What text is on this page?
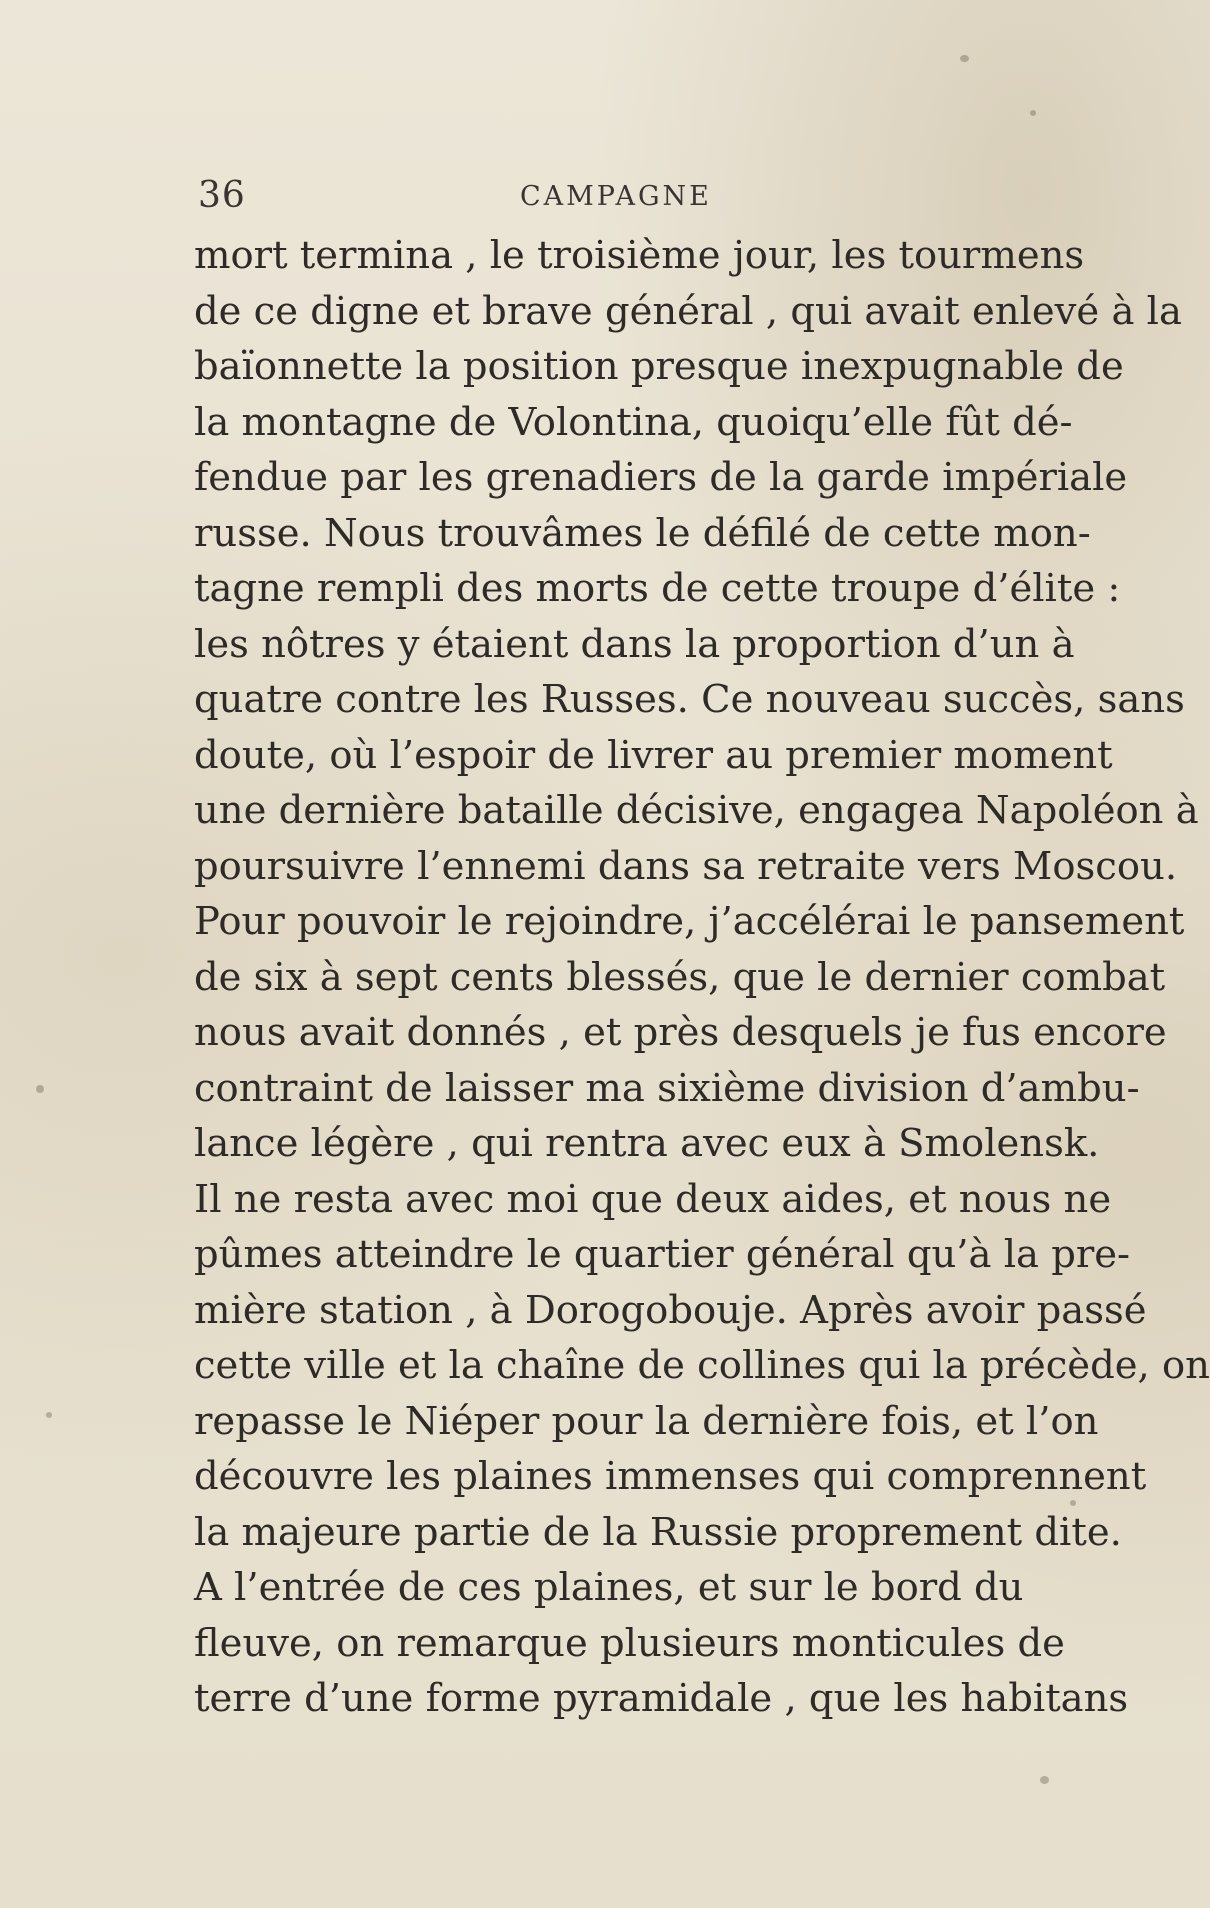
36	CAMPAGNE
mort termina , le troisième jour, les tourmens
de ce digne et brave général , qui avait enlevé à la
baïonnette la position presque inexpugnable de
la montagne de Volontina, quoiqu’elle fût dé-
fendue par les grenadiers de la garde impériale
russe. Nous trouvâmes le défilé de cette mon-
tagne rempli des morts de cette troupe d’élite :
les nôtres y étaient dans la proportion d’un à
quatre contre les Russes. Ce nouveau succès, sans
doute, où l’espoir de livrer au premier moment
une dernière bataille décisive, engagea Napoléon à
poursuivre l’ennemi dans sa retraite vers Moscou.
Pour pouvoir le rejoindre, j’accélérai le pansement
de six à sept cents blessés, que le dernier combat
nous avait donnés , et près desquels je fus encore
contraint de laisser ma sixième division d’ambu-
lance légère , qui rentra avec eux à Smolensk.
Il ne resta avec moi que deux aides, et nous ne
pûmes atteindre le quartier général qu’à la pre-
mière station , à Dorogobouje. Après avoir passé
cette ville et la chaîne de collines qui la précède, on
repasse le Niéper pour la dernière fois, et l’on
découvre les plaines immenses qui comprennent
la majeure partie de la Russie proprement dite.
A l’entrée de ces plaines, et sur le bord du
fleuve, on remarque plusieurs monticules de
terre d’une forme pyramidale , que les habitans
